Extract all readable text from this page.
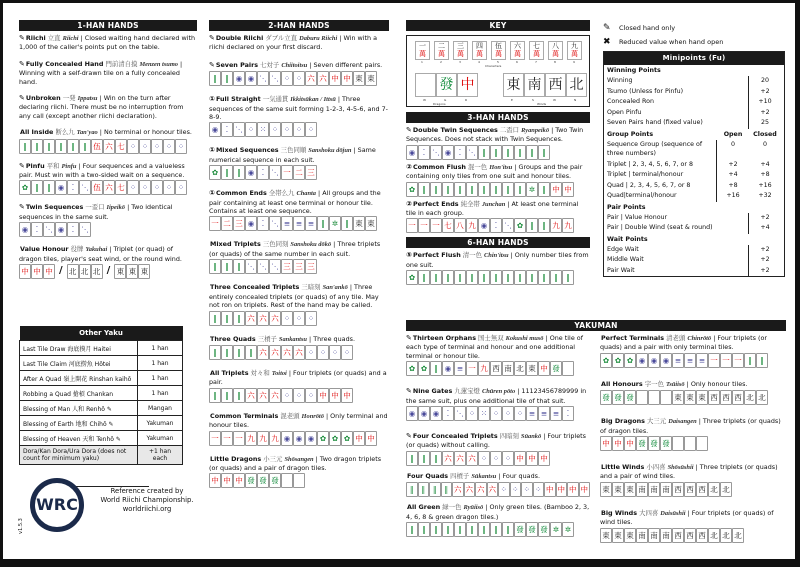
1-HAN HANDS
✎Riichi 立直 Riichi | Closed waiting hand declared with 1,000 of the caller's points put on the table.
✎Fully Concealed Hand 門前清自摸 Menzen tsumo | Winning with a self-drawn tile on a fully concealed hand.
✎Unbroken 一発 Ippatsu | Win on the turn after declaring riichi. There must be no interruption from any call (except another riichi declaration).
All Inside 断么九 Tan'yao | No terminal or honour tiles.
‖	‖	‖	‖	‖	‖ 伍 六 七 ⁘ ⁘ ⁘ ⁘ ⁘
✎Pinfu 平和 Pinfu | Four sequences and a valueless pair. Must win with a two-sided wait on a sequence.
✿ ‖	‖ ◉	⁚ ⋱ 伍 六 七 ⁘ ⁘ ⁘ ⁘ ⁘
✎Twin Sequences 一盃口 Iipeikō | Two identical sequences in the same suit.
◉	⁚ ⋱ ◉	⁚ ⋱
Value Honour 役牌 Yakuhai | Triplet (or quad) of dragon tiles, player's seat wind, or the round wind.
中 中 中 / 北 北 北 / 東 東 東
Other Yaku	
Last Tile Draw 海底摸月 Haitei	1 han
Last Tile Claim 河底撈魚 Hōtei	1 han
After A Quad 嶺上開花 Rinshan kaihō	1 han
Robbing a Quad 搶槓 Chankan	1 han
Blessing of Man 人和 Renhō ✎	Mangan
Blessing of Earth 地和 Chihō ✎	Yakuman
Blessing of Heaven 天和 Tenhō ✎	Yakuman
Dora/Kan Dora/Ura Dora (does not count for minimum yaku)	+1 han each
WRC
Reference created by
World Riichi Championship.
worldriichi.org
v1.5.3
2-HAN HANDS
✎Double Riichi ダブル立直 Daburu Riichi | Win with a riichi declared on your first discard.
✎Seven Pairs 七対子 Chiitoitsu | Seven different pairs.
‖	‖ ◉ ◉ ⋱ ⋱ ⁘ ⁘ 六 六 中 中 東 東
①Full Straight 一気通貫 Ikkitsūkan / Ittsū | Three sequences of the same suit forming 1-2-3, 4-5-6, and 7-8-9.
◉	⁚ ⋱ ⁘ ⁙ ⁘ ⁘ ⁘ ⁘
①Mixed Sequences 三色同順 Sanshoku dōjun | Same numerical sequence in each suit.
✿ ‖	‖ ◉	⁚ ⋱ 一 二 三
①Common Ends 全帯么九 Chanta | All groups and the pair containing at least one terminal or honour tile. Contains at least one sequence.
一 二 三 ◉	⁚ ⋱ ≡ ≡ ≡ ‖ ✲ ‖ 東 東
Mixed Triplets 三色同刻 Sanshoku dōkō | Three triplets (or quads) of the same number in each suit.
‖	‖	‖ ⋱ ⋱ ⋱ 三 三 三
Three Concealed Triplets 三暗刻 San'ankō | Three entirely concealed triplets (or quads) of any tile. May not ron on triplets. Rest of the hand may be called.
‖	‖	‖ 六 六 六 ⁘ ⁘ ⁘
Three Quads 三槓子 Sankantsu | Three quads.
‖	‖	‖	‖ 六 六 六 六 ⁘ ⁘ ⁘ ⁘
All Triplets 対々和 Toitoi | Four triplets (or quads) and a pair.
‖	‖	‖ 六 六 六 ⁘ ⁘ ⁘ 中 中 中
Common Terminals 混老頭 Honrōtō | Only terminal and honour tiles.
一 一 一 九 九 九 ◉ ◉ ◉ ✿ ✿ ✿ 中 中
Little Dragons 小三元 Shōsangen | Two dragon triplets (or quads) and a pair of dragon tiles.
中 中 中 發 發 發
KEY
一
萬
1
二
萬
2
三
萬
3
四
萬
4
伍
萬
5
六
萬
6
七
萬
7
八
萬
8
九
萬
9
Characters
W
發
G
中
R
Dragons
東
E
南
S
西
W
北
N
Winds
3-HAN HANDS
✎Double Twin Sequences 二盃口 Ryanpeikō | Two Twin Sequences. Does not stack with Twin Sequences.
◉	⁚ ⋱ ◉	⁚ ⋱ ‖	‖	‖	‖	‖	‖
②Common Flush 混一色 Hon'itsu | Groups and the pair containing only tiles from one suit and honour tiles.
✿ ‖	‖	‖	‖	‖	‖	‖	‖	‖ ✲ ‖ 中 中
②Perfect Ends 純全帯 Junchan | At least one terminal tile in each group.
一 一 一 七 八 九 ◉	⁚ ⋱ ✿ ‖	‖ 九 九
6-HAN HANDS
⑤Perfect Flush 清一色 Chin'itsu | Only number tiles from one suit.
✿ ‖	‖	‖	‖	‖	‖	‖	‖	‖	‖	‖	‖	‖
YAKUMAN
✎Thirteen Orphans 国士無双 Kokushi musō | One tile of each type of terminal and honour and one additional terminal or honour tile.
✿ ✿ ‖ ◉ ≡ 一 九 西 南 北 東 中 發
✎Nine Gates 九蓮宝燈 Chūren pōto | 11123456789999 in the same suit, plus one additional tile of that suit.
◉ ◉ ◉	⁚ ⋱ ⁘ ⁙ ⁘ ⁘ ⁘ ≡ ≡ ≡	⁚
✎Four Concealed Triplets 四暗刻 Sūankō | Four triplets (or quads) without calling.
‖	‖	‖ 六 六 六 ⁘ ⁘ ⁘ 中 中 中
Four Quads 四槓子 Sūkantsu | Four quads.
‖	‖	‖	‖ 六 六 六 六 ⁘ ⁘ ⁘ ⁘ 中 中 中 中
All Green 緑一色 Ryūiisō | Only green tiles. (Bamboo 2, 3, 4, 6, 8 & green dragon tiles.)
‖	‖	‖	‖	‖	‖	‖	‖	‖ 發 發 發 ✲ ✲
Perfect Terminals 清老頭 Chinrōtō | Four triplets (or quads) and a pair with only terminal tiles.
✿ ✿ ✿ ◉ ◉ ◉ ≡ ≡ ≡ 一 一 一 ‖	‖
All Honours 字一色 Tsūiisō | Only honour tiles.
發 發 發	東 東 東 西 西 西 北 北
Big Dragons 大三元 Daisangen | Three triplets (or quads) of dragon tiles.
中 中 中 發 發 發
Little Winds 小四喜 Shōsūshii | Three triplets (or quads) and a pair of wind tiles.
東 東 東 南 南 南 西 西 西 北 北
Big Winds 大四喜 Daisūshii | Four triplets (or quads) of wind tiles.
東 東 東 南 南 南 西 西 西 北 北 北
✎	Closed hand only
✖	Reduced value when hand open
Minipoints (Fu)
Winning Points
Winning	20
Tsumo (Unless for Pinfu)	+2
Concealed Ron	+10
Open Pinfu	+2
Seven Pairs hand (fixed value)	25
Group Points	Open	Closed
Sequence Group (sequence of three numbers)
0	0
Triplet | 2, 3, 4, 5, 6, 7, or 8	+2	+4
Triplet | terminal/honour	+4	+8
Quad | 2, 3, 4, 5, 6, 7, or 8	+8	+16
Quad|terminal/honour	+16	+32
Pair Points
Pair | Value Honour	+2
Pair | Double Wind (seat & round)	+4
Wait Points
Edge Wait	+2
Middle Wait	+2
Pair Wait	+2
